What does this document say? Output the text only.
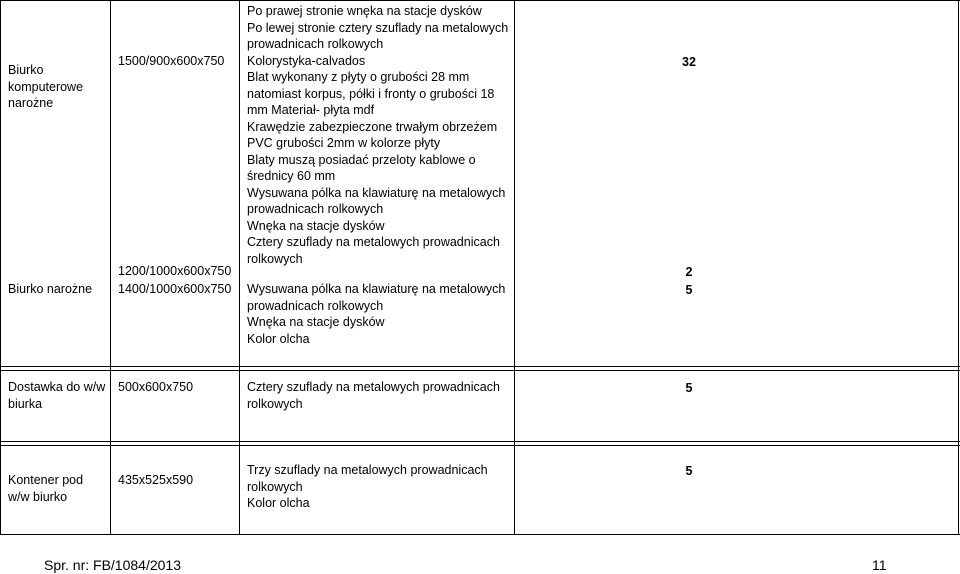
Biurko
komputerowe
narożne
1500/900x600x750
1200/1000x600x750
Po prawej stronie wnęka na stacje dysków
Po lewej stronie cztery szuflady na metalowych
prowadnicach rolkowych
Kolorystyka-calvados
Blat wykonany z płyty o grubości 28 mm
natomiast korpus, półki i fronty o grubości 18
mm Materiał- płyta mdf
Krawędzie zabezpieczone trwałym obrzeżem
PVC grubości 2mm w kolorze płyty
Blaty muszą posiadać przeloty kablowe o
średnicy 60 mm
Wysuwana pólka na klawiaturę na metalowych
prowadnicach rolkowych
Wnęka na stacje dysków
Cztery szuflady na metalowych prowadnicach
rolkowych
32
2
Biurko narożne 1400/1000x600x750 Wysuwana pólka na klawiaturę na metalowych
prowadnicach rolkowych
Wnęka na stacje dysków
Kolor olcha
5
Dostawka do w/w
biurka
500x600x750	Cztery szuflady na metalowych prowadnicach
rolkowych
5
Kontener pod
w/w biurko
435x525x590
Trzy szuflady na metalowych prowadnicach
rolkowych
Kolor olcha
5
Spr. nr: FB/1084/2013	11
